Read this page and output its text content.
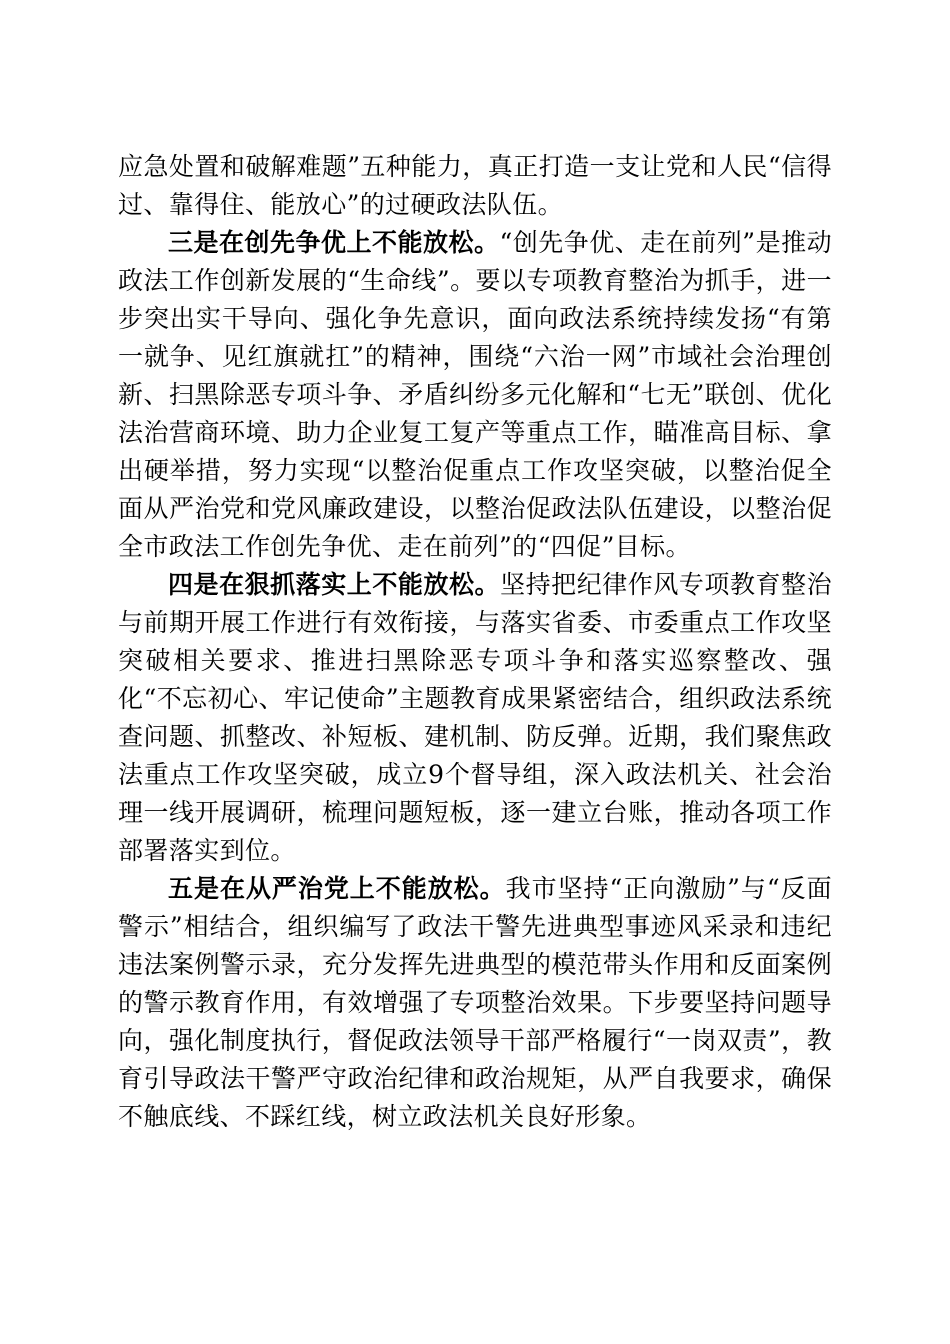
应急处置和破解难题”五种能力，真正打造一支让党和人民“信得过、靠得住、能放心”的过硬政法队伍。

三是在创先争优上不能放松。“创先争优、走在前列”是推动政法工作创新发展的“生命线”。要以专项教育整治为抓手，进一步突出实干导向、强化争先意识，面向政法系统持续发扬“有第一就争、见红旗就扛”的精神，围绕“六治一网”市域社会治理创新、扫黑除恶专项斗争、矛盾纠纷多元化解和“七无”联创、优化法治营商环境、助力企业复工复产等重点工作，瞄准高目标、拿出硬举措，努力实现“以整治促重点工作攻坚突破，以整治促全面从严治党和党风廉政建设，以整治促政法队伍建设，以整治促全市政法工作创先争优、走在前列”的“四促”目标。

四是在狠抓落实上不能放松。坚持把纪律作风专项教育整治与前期开展工作进行有效衔接，与落实省委、市委重点工作攻坚突破相关要求、推进扫黑除恶专项斗争和落实巡察整改、强化“不忘初心、牢记使命”主题教育成果紧密结合，组织政法系统查问题、抓整改、补短板、建机制、防反弹。近期，我们聚焦政法重点工作攻坚突破，成立9个督导组，深入政法机关、社会治理一线开展调研，梳理问题短板，逐一建立台账，推动各项工作部署落实到位。

五是在从严治党上不能放松。我市坚持“正向激励”与“反面警示”相结合，组织编写了政法干警先进典型事迹风采录和违纪违法案例警示录，充分发挥先进典型的模范带头作用和反面案例的警示教育作用，有效增强了专项整治效果。下步要坚持问题导向，强化制度执行，督促政法领导干部严格履行“一岗双责”，教育引导政法干警严守政治纪律和政治规矩，从严自我要求，确保不触底线、不踩红线，树立政法机关良好形象。
